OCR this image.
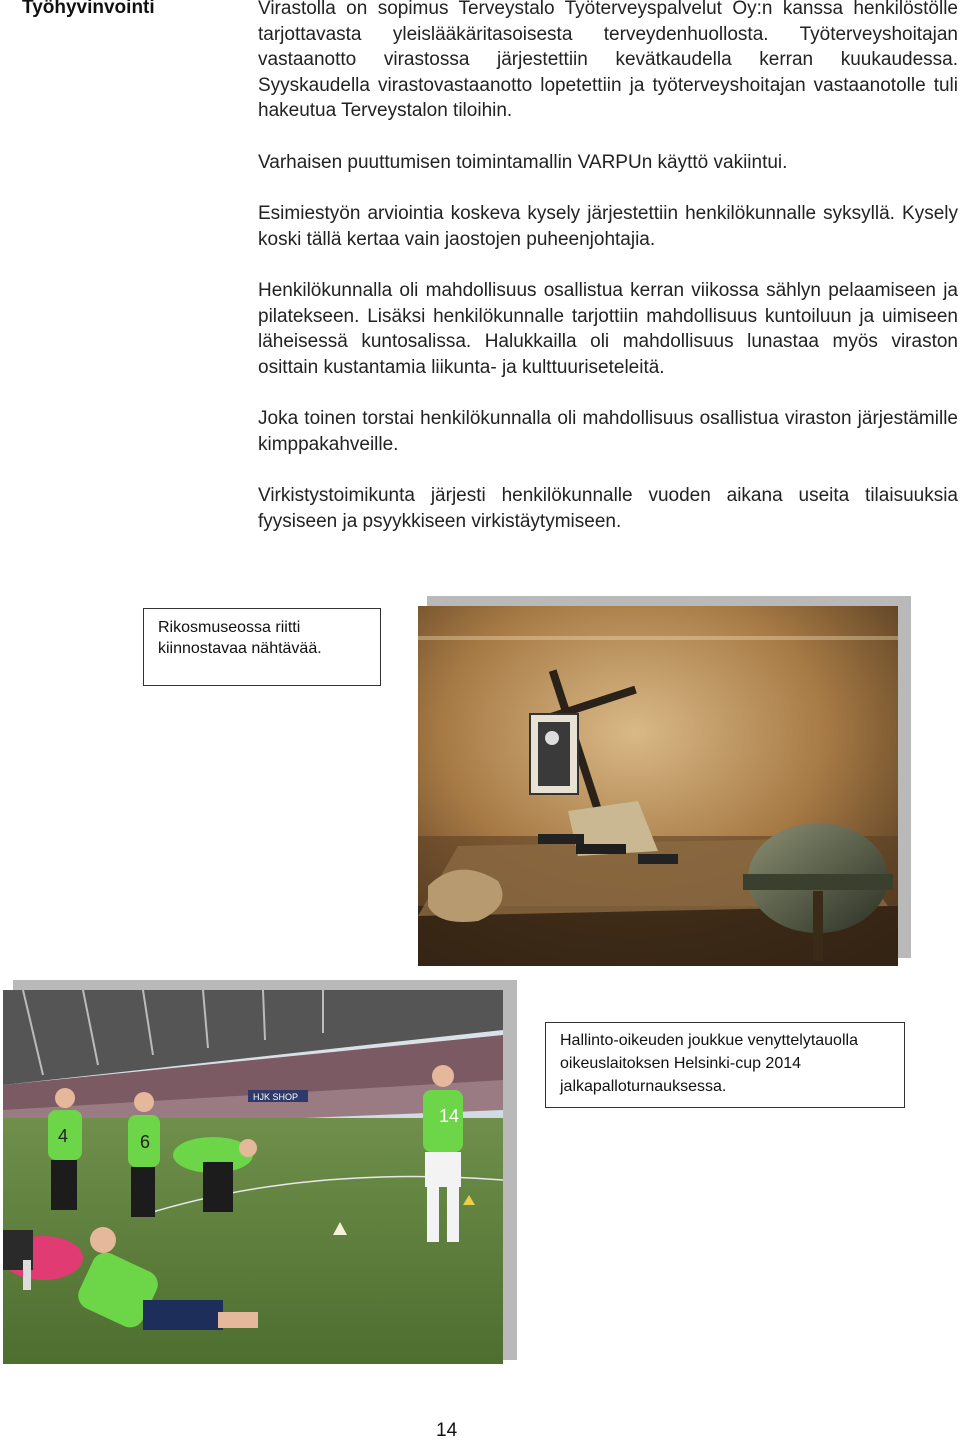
Työhyvinvointi	Virastolla on sopimus Terveystalo Työterveyspalvelut Oy:n kanssa henkilöstölle tarjottavasta yleislääkäritasoisesta terveydenhuollosta. Työterveyshoitajan vastaanotto virastossa järjestettiin kevätkaudella kerran kuukaudessa. Syyskaudella virastovastaanotto lopetettiin ja työterveyshoitajan vastaanotolle tuli hakeutua Terveystalon tiloihin.

Varhaisen puuttumisen toimintamallin VARPUn käyttö vakiintui.

Esimiestyön arviointia koskeva kysely järjestettiin henkilökunnalle syksyllä. Kysely koski tällä kertaa vain jaostojen puheenjohtajia.

Henkilökunnalla oli mahdollisuus osallistua kerran viikossa sählyn pelaamiseen ja pilatekseen. Lisäksi henkilökunnalle tarjottiin mahdollisuus kuntoiluun ja uimiseen läheisessä kuntosalissa. Halukkailla oli mahdollisuus lunastaa myös viraston osittain kustantamia liikunta- ja kulttuuriseteleitä.

Joka toinen torstai henkilökunnalla oli mahdollisuus osallistua viraston järjestämille kimppakahveille.

Virkistystoimikunta järjesti henkilökunnalle vuoden aikana useita tilaisuuksia fyysiseen ja psyykkiseen virkistäytymiseen.

Rikosmuseossa riitti kiinnostavaa nähtävää.
HJK SHOP
4	6
14
Hallinto-oikeuden joukkue venyttelytauolla oikeuslaitoksen Helsinki-cup 2014 jalkapalloturnauksessa.
14
